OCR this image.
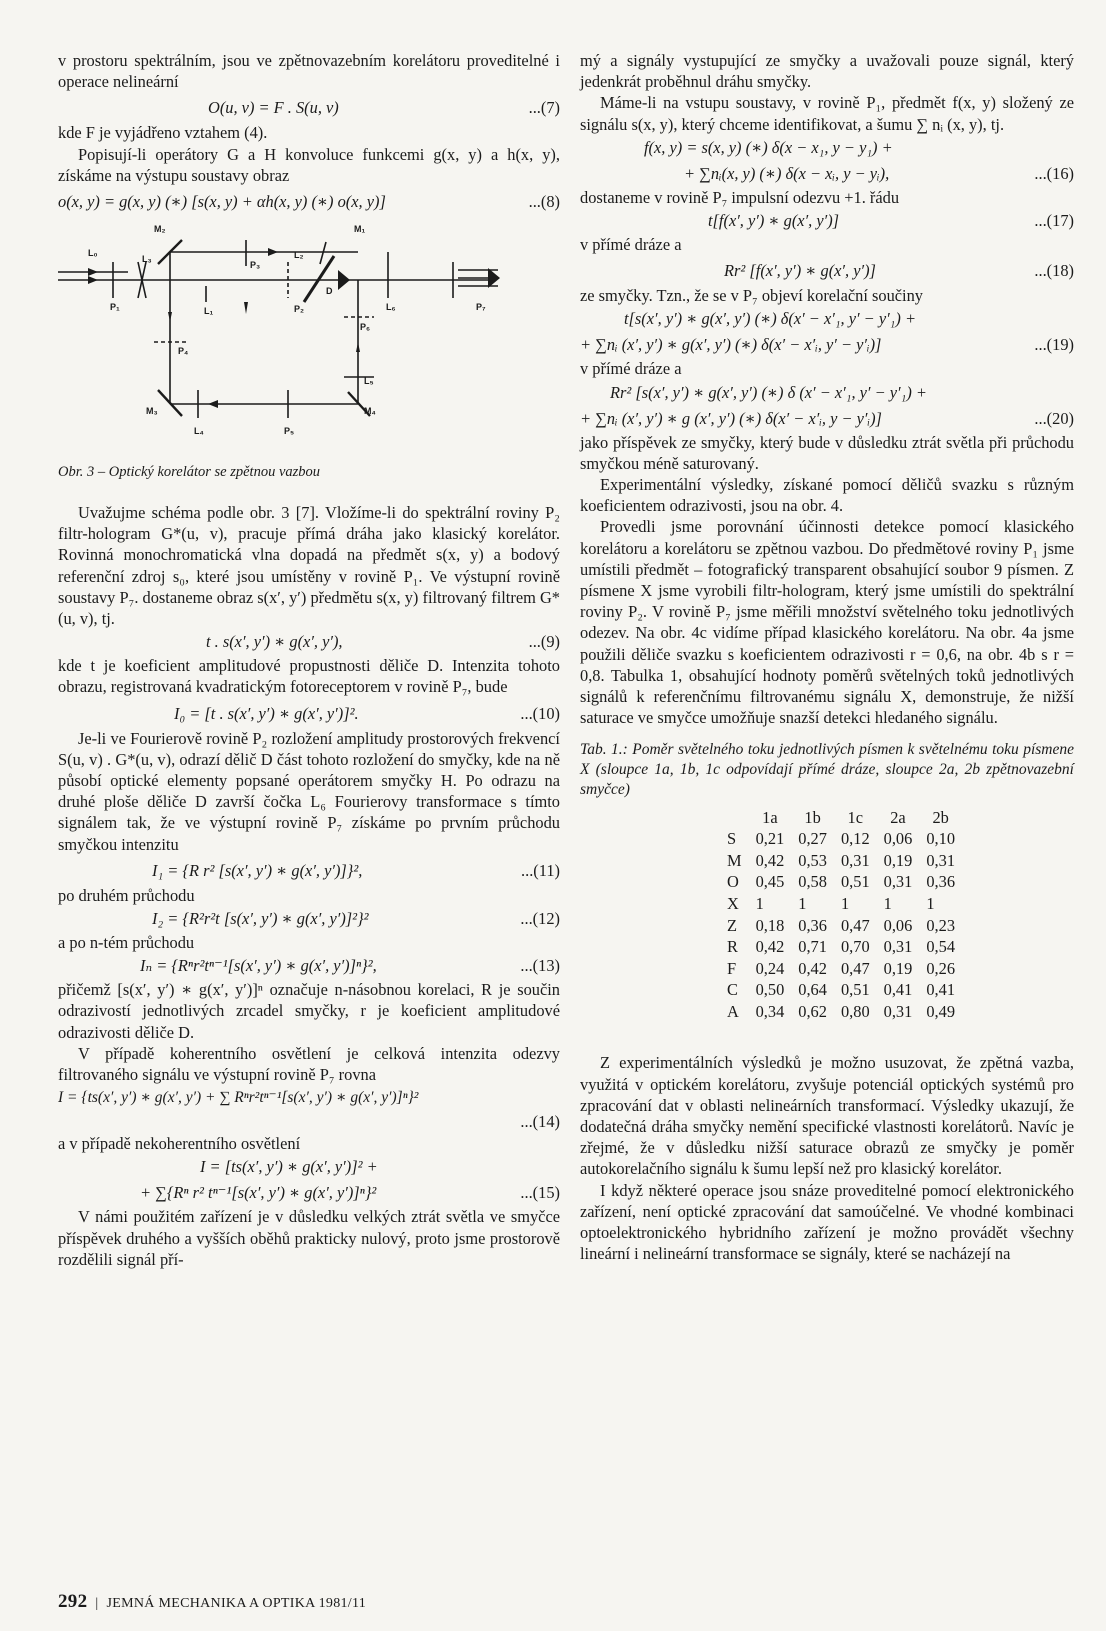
v prostoru spektrálním, jsou ve zpětnovazebním korelátoru proveditelné i operace nelineární

O(u, v) = F . S(u, v)	...(7)

kde F je vyjádřeno vztahem (4).

Popisují-li operátory G a H konvoluce funkcemi g(x, y) a h(x, y), získáme na výstupu soustavy obraz

o(x, y) = g(x, y) (∗) [s(x, y) + αh(x, y) (∗) o(x, y)]	...(8)
M₂
L₀
L₃
P₃
L₂
M₁
D
P₁	L₁	P₂	L₆	P₇
P₆
P₄
L₅
M₃	M₄
L₄	P₅
Obr. 3 – Optický korelátor se zpětnou vazbou

Uvažujme schéma podle obr. 3 [7]. Vložíme-li do spektrální roviny P₂ filtr-hologram G*(u, v), pracuje přímá dráha jako klasický korelátor. Rovinná monochromatická vlna dopadá na předmět s(x, y) a bodový referenční zdroj s₀, které jsou umístěny v rovině P₁. Ve výstupní rovině soustavy P₇. dostaneme obraz s(x′, y′) předmětu s(x, y) filtrovaný filtrem G*(u, v), tj.

t . s(x′, y′) ∗ g(x′, y′),	...(9)

kde t je koeficient amplitudové propustnosti děliče D. Intenzita tohoto obrazu, registrovaná kvadratickým fotoreceptorem v rovině P₇, bude

I₀ = [t . s(x′, y′) ∗ g(x′, y′)]².	...(10)

Je-li ve Fourierově rovině P₂ rozložení amplitudy prostorových frekvencí S(u, v) . G*(u, v), odrazí dělič D část tohoto rozložení do smyčky, kde na ně působí optické elementy popsané operátorem smyčky H. Po odrazu na druhé ploše děliče D završí čočka L₆ Fourierovy transformace s tímto signálem tak, že ve výstupní rovině P₇ získáme po prvním průchodu smyčkou intenzitu

I₁ = {R r² [s(x′, y′) ∗ g(x′, y′)]}²,	...(11)

po druhém průchodu

I₂ = {R²r²t [s(x′, y′) ∗ g(x′, y′)]²}²	...(12)

a po n-tém průchodu

Iₙ = {Rⁿr²tⁿ⁻¹[s(x′, y′) ∗ g(x′, y′)]ⁿ}²,	...(13)

přičemž [s(x′, y′) ∗ g(x′, y′)]ⁿ označuje n-násobnou korelaci, R je součin odrazivostí jednotlivých zrcadel smyčky, r je koeficient amplitudové odrazivosti děliče D.

V případě koherentního osvětlení je celková intenzita odezvy filtrovaného signálu ve výstupní rovině P₇ rovna

I = {ts(x′, y′) ∗ g(x′, y′) + ∑ Rⁿr²tⁿ⁻¹[s(x′, y′) ∗ g(x′, y′)]ⁿ}²
...(14)

a v případě nekoherentního osvětlení

I = [ts(x′, y′) ∗ g(x′, y′)]² +
+ ∑{Rⁿ r² tⁿ⁻¹[s(x′, y′) ∗ g(x′, y′)]ⁿ}²	...(15)

V námi použitém zařízení je v důsledku velkých ztrát světla ve smyčce příspěvek druhého a vyšších oběhů prakticky nulový, proto jsme prostorově rozdělili signál pří-

mý a signály vystupující ze smyčky a uvažovali pouze signál, který jedenkrát proběhnul dráhu smyčky.

Máme-li na vstupu soustavy, v rovině P₁, předmět f(x, y) složený ze signálu s(x, y), který chceme identifikovat, a šumu ∑ nᵢ (x, y), tj.

f(x, y) = s(x, y) (∗) δ(x − x₁, y − y₁) +
+ ∑nᵢ(x, y) (∗) δ(x − xᵢ, y − yᵢ),	...(16)

dostaneme v rovině P₇ impulsní odezvu +1. řádu

t[f(x′, y′) ∗ g(x′, y′)]	...(17)

v přímé dráze a

Rr² [f(x′, y′) ∗ g(x′, y′)]	...(18)

ze smyčky. Tzn., že se v P₇ objeví korelační součiny

t[s(x′, y′) ∗ g(x′, y′) (∗) δ(x′ − x′₁, y′ − y′₁) +
+ ∑nᵢ (x′, y′) ∗ g(x′, y′) (∗) δ(x′ − x′ᵢ, y′ − y′ᵢ)]	...(19)

v přímé dráze a

Rr² [s(x′, y′) ∗ g(x′, y′) (∗) δ (x′ − x′₁, y′ − y′₁) +
+ ∑nᵢ (x′, y′) ∗ g (x′, y′) (∗) δ(x′ − x′ᵢ, y − y′ᵢ)]	...(20)

jako příspěvek ze smyčky, který bude v důsledku ztrát světla při průchodu smyčkou méně saturovaný.

Experimentální výsledky, získané pomocí děličů svazku s různým koeficientem odrazivosti, jsou na obr. 4.

Provedli jsme porovnání účinnosti detekce pomocí klasického korelátoru a korelátoru se zpětnou vazbou. Do předmětové roviny P₁ jsme umístili předmět – fotografický transparent obsahující soubor 9 písmen. Z písmene X jsme vyrobili filtr-hologram, který jsme umístili do spektrální roviny P₂. V rovině P₇ jsme měřili množství světelného toku jednotlivých odezev. Na obr. 4c vidíme případ klasického korelátoru. Na obr. 4a jsme použili děliče svazku s koeficientem odrazivosti r = 0,6, na obr. 4b s r = 0,8. Tabulka 1, obsahující hodnoty poměrů světelných toků jednotlivých signálů k referenčnímu filtrovanému signálu X, demonstruje, že nižší saturace ve smyčce umožňuje snazší detekci hledaného signálu.

Tab. 1.: Poměr světelného toku jednotlivých písmen k světelnému toku písmene X (sloupce 1a, 1b, 1c odpovídají přímé dráze, sloupce 2a, 2b zpětnovazební smyčce)
	1a	1b	1c	2a	2b
S	0,21	0,27	0,12	0,06	0,10
M	0,42	0,53	0,31	0,19	0,31
O	0,45	0,58	0,51	0,31	0,36
X	1	1	1	1	1
Z	0,18	0,36	0,47	0,06	0,23
R	0,42	0,71	0,70	0,31	0,54
F	0,24	0,42	0,47	0,19	0,26
C	0,50	0,64	0,51	0,41	0,41
A	0,34	0,62	0,80	0,31	0,49

Z experimentálních výsledků je možno usuzovat, že zpětná vazba, využitá v optickém korelátoru, zvyšuje potenciál optických systémů pro zpracování dat v oblasti nelineárních transformací. Výsledky ukazují, že dodatečná dráha smyčky nemění specifické vlastnosti korelátorů. Navíc je zřejmé, že v důsledku nižší saturace obrazů ze smyčky je poměr autokorelačního signálu k šumu lepší než pro klasický korelátor.

I když některé operace jsou snáze proveditelné pomocí elektronického zařízení, není optické zpracování dat samoúčelné. Ve vhodné kombinaci optoelektronického hybridního zařízení je možno provádět všechny lineární i nelineární transformace se signály, které se nacházejí na

292 | JEMNÁ MECHANIKA A OPTIKA 1981/11
